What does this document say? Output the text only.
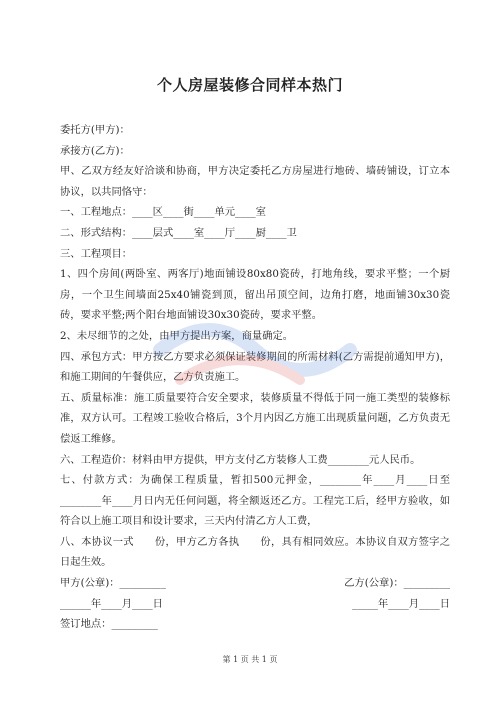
个人房屋装修合同样本热门

委托方(甲方)：

承接方(乙方)：

甲、乙双方经友好洽谈和协商，甲方决定委托乙方房屋进行地砖、墙砖铺设，订立本协议，以共同恪守：

一、工程地点：____区____街____单元____室

二、形式结构：____层式____室____厅____厨____卫

三、工程项目：

1、四个房间(两卧室、两客厅)地面铺设80x80瓷砖，打地角线，要求平整；一个厨房，一个卫生间墙面25x40铺瓷到顶，留出吊顶空间，边角打磨，地面铺30x30瓷砖，要求平整;两个阳台地面铺设30x30瓷砖，要求平整。

2、未尽细节的之处，由甲方提出方案，商量确定。

四、承包方式：甲方按乙方要求必须保证装修期间的所需材料(乙方需提前通知甲方)，和施工期间的午餐供应，乙方负责施工。

五、质量标准：施工质量要符合安全要求，装修质量不得低于同一施工类型的装修标准，双方认可。工程竣工验收合格后，3个月内因乙方施工出现质量问题，乙方负责无偿返工维修。

六、工程造价：材料由甲方提供，甲方支付乙方装修人工费________元人民币。

七、付款方式：为确保工程质量，暂扣500元押金，________年____月____日至________年____月日内无任何问题，将全额返还乙方。工程完工后，经甲方验收，如符合以上施工项目和设计要求，三天内付清乙方人工费，

八、本协议一式　　份，甲方乙方各执　　份，具有相同效应。本协议自双方签字之日起生效。

甲方(公章)：_________	乙方(公章)：_________
______年____月____日	_____年____月____日

签订地点：_________

第 1 页 共 1 页
